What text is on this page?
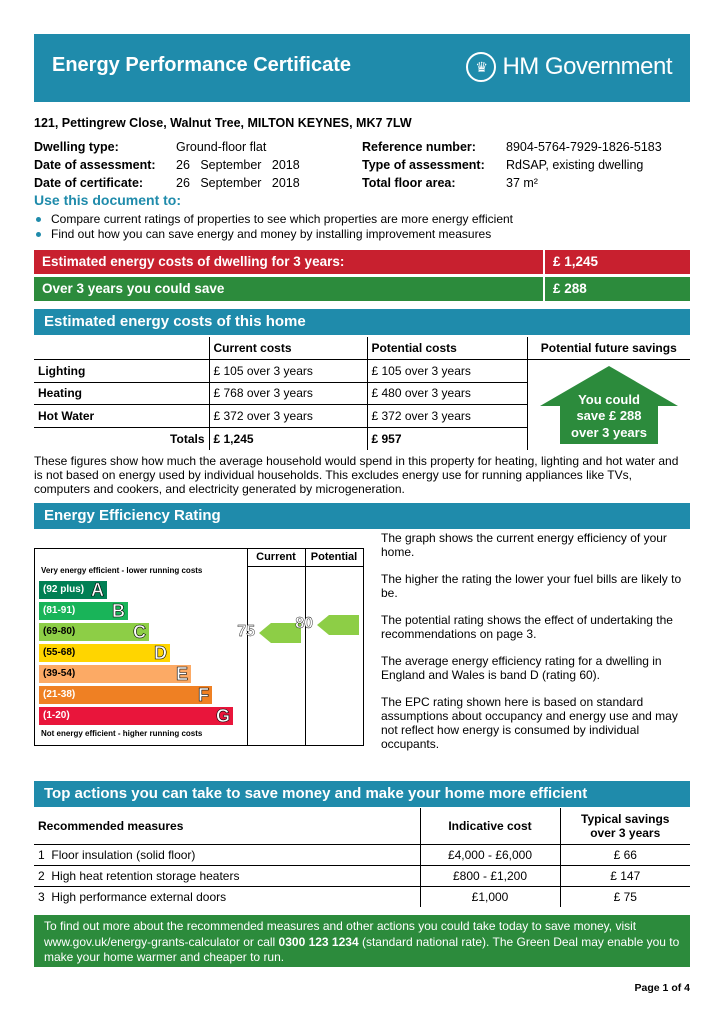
Energy Performance Certificate	♛ HM Government
121, Pettingrew Close, Walnut Tree, MILTON KEYNES, MK7 7LW
Dwelling type:	Ground-floor flat
Date of assessment:	26   September   2018
Date of certificate:	26   September   2018
Reference number:	8904-5764-7929-1826-5183
Type of assessment:	RdSAP, existing dwelling
Total floor area:	37 m²
Use this document to:
Compare current ratings of properties to see which properties are more energy efficient
Find out how you can save energy and money by installing improvement measures
Estimated energy costs of dwelling for 3 years:	£ 1,245
Over 3 years you could save	£ 288
Estimated energy costs of this home
	Current costs	Potential costs	Potential future savings
Lighting	£ 105 over 3 years	£ 105 over 3 years	
Heating	£ 768 over 3 years	£ 480 over 3 years	
Hot Water	£ 372 over 3 years	£ 372 over 3 years	
Totals	£ 1,245	£ 957	
You could
save £ 288
over 3 years
These figures show how much the average household would spend in this property for heating, lighting and hot water and is not based on energy used by individual households. This excludes energy use for running appliances like TVs, computers and cookers, and electricity generated by microgeneration.
Energy Efficiency Rating
Current	Potential
Very energy efficient - lower running costs
(92 plus) A
(81-91) B
(69-80)	C
(55-68)	D
(39-54)	E
(21-38)	F
(1-20)	G
Not energy efficient - higher running costs
75	80

The graph shows the current energy efficiency of your home.

The higher the rating the lower your fuel bills are likely to be.

The potential rating shows the effect of undertaking the recommendations on page 3.

The average energy efficiency rating for a dwelling in England and Wales is band D (rating 60).

The EPC rating shown here is based on standard assumptions about occupancy and energy use and may not reflect how energy is consumed by individual occupants.

Top actions you can take to save money and make your home more efficient
Recommended measures	Indicative cost	Typical savings
over 3 years
1 Floor insulation (solid floor)	£4,000 - £6,000	£ 66
2 High heat retention storage heaters	£800 - £1,200	£ 147
3 High performance external doors	£1,000	£ 75
To find out more about the recommended measures and other actions you could take today to save money, visit www.gov.uk/energy-grants-calculator or call 0300 123 1234 (standard national rate). The Green Deal may enable you to make your home warmer and cheaper to run.
Page 1 of 4
